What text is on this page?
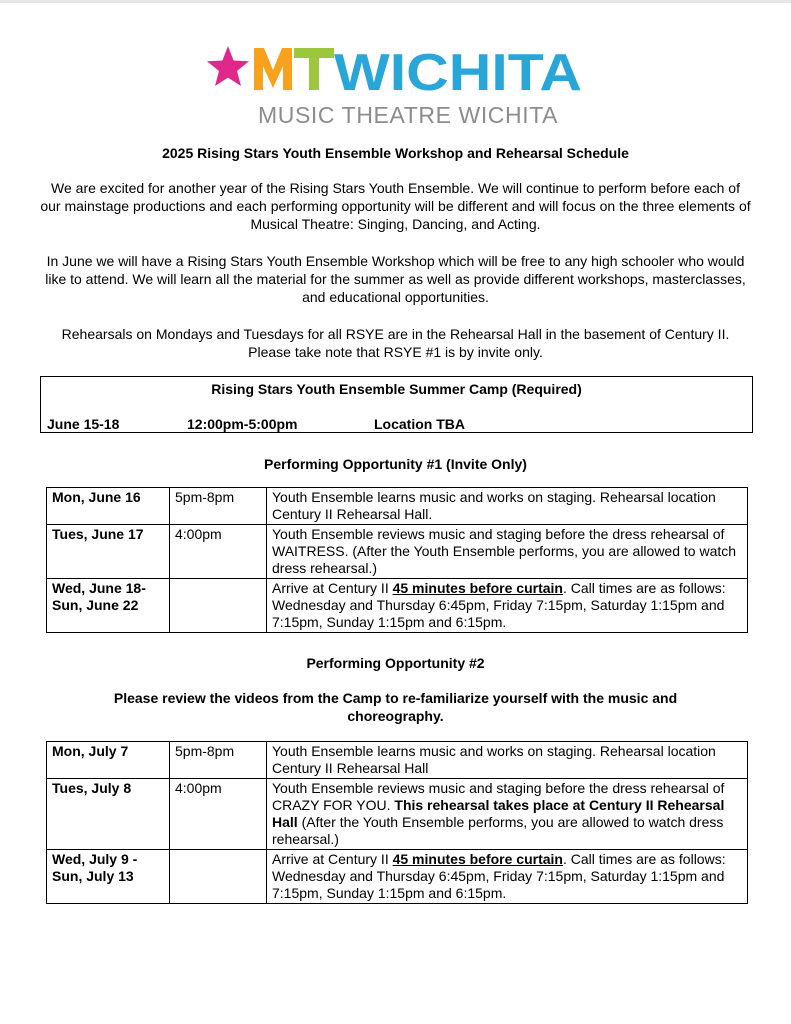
WICHITA
MUSIC THEATRE WICHITA
2025 Rising Stars Youth Ensemble Workshop and Rehearsal Schedule
We are excited for another year of the Rising Stars Youth Ensemble. We will continue to perform before each of our mainstage productions and each performing opportunity will be different and will focus on the three elements of Musical Theatre: Singing, Dancing, and Acting.
In June we will have a Rising Stars Youth Ensemble Workshop which will be free to any high schooler who would like to attend. We will learn all the material for the summer as well as provide different workshops, masterclasses, and educational opportunities.
Rehearsals on Mondays and Tuesdays for all RSYE are in the Rehearsal Hall in the basement of Century II. Please take note that RSYE #1 is by invite only.
Rising Stars Youth Ensemble Summer Camp (Required)
June 15-18	12:00pm-5:00pm	Location TBA
Performing Opportunity #1 (Invite Only)
Mon, June 16	5pm-8pm	Youth Ensemble learns music and works on staging. Rehearsal location Century II Rehearsal Hall.
Tues, June 17	4:00pm	Youth Ensemble reviews music and staging before the dress rehearsal of WAITRESS. (After the Youth Ensemble performs, you are allowed to watch dress rehearsal.)
Wed, June 18-
Sun, June 22		Arrive at Century II 45 minutes before curtain. Call times are as follows: Wednesday and Thursday 6:45pm, Friday 7:15pm, Saturday 1:15pm and 7:15pm, Sunday 1:15pm and 6:15pm.
Performing Opportunity #2
Please review the videos from the Camp to re-familiarize yourself with the music and choreography.
Mon, July 7	5pm-8pm	Youth Ensemble learns music and works on staging. Rehearsal location Century II Rehearsal Hall
Tues, July 8	4:00pm	Youth Ensemble reviews music and staging before the dress rehearsal of CRAZY FOR YOU. This rehearsal takes place at Century II Rehearsal Hall (After the Youth Ensemble performs, you are allowed to watch dress rehearsal.)
Wed, July 9 -
Sun, July 13		Arrive at Century II 45 minutes before curtain. Call times are as follows: Wednesday and Thursday 6:45pm, Friday 7:15pm, Saturday 1:15pm and 7:15pm, Sunday 1:15pm and 6:15pm.
